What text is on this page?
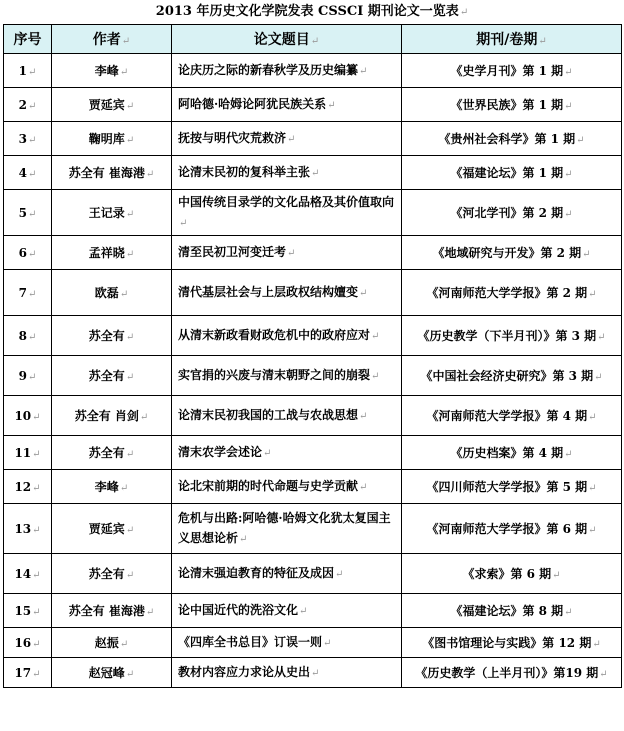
2013 年历史文化学院发表 CSSCI 期刊论文一览表↵
序号	作者↵	论文题目↵	期刊/卷期↵
1↵	李峰↵	论庆历之际的新春秋学及历史编纂↵	《史学月刊》第 1 期↵
2↵	贾延宾↵	阿哈德·哈姆论阿犹民族关系↵	《世界民族》第 1 期↵
3↵	鞠明库↵	抚按与明代灾荒救济↵	《贵州社会科学》第 1 期↵
4↵	苏全有 崔海港↵	论清末民初的复科举主张↵	《福建论坛》第 1 期↵
5↵	王记录↵	中国传统目录学的文化品格及其价值取向↵	《河北学刊》第 2 期↵
6↵	孟祥晓↵	清至民初卫河变迁考↵	《地域研究与开发》第 2 期↵
7↵	欧磊↵	清代基层社会与上层政权结构嬗变↵	《河南师范大学学报》第 2 期↵
8↵	苏全有↵	从清末新政看财政危机中的政府应对↵	《历史教学（下半月刊）》第 3 期↵
9↵	苏全有↵	实官捐的兴废与清末朝野之间的崩裂↵	《中国社会经济史研究》第 3 期↵
10↵	苏全有 肖剑↵	论清末民初我国的工战与农战思想↵	《河南师范大学学报》第 4 期↵
11↵	苏全有↵	清末农学会述论↵	《历史档案》第 4 期↵
12↵	李峰↵	论北宋前期的时代命题与史学贡献↵	《四川师范大学学报》第 5 期↵
13↵	贾延宾↵	危机与出路:阿哈德·哈姆文化犹太复国主义思想论析↵	《河南师范大学学报》第 6 期↵
14↵	苏全有↵	论清末强迫教育的特征及成因↵	《求索》第 6 期↵
15↵	苏全有 崔海港↵	论中国近代的洗浴文化↵	《福建论坛》第 8 期↵
16↵	赵振↵	《四库全书总目》订误一则↵	《图书馆理论与实践》第 12 期↵
17↵	赵冠峰↵	教材内容应力求论从史出↵	《历史教学（上半月刊）》第19 期↵
